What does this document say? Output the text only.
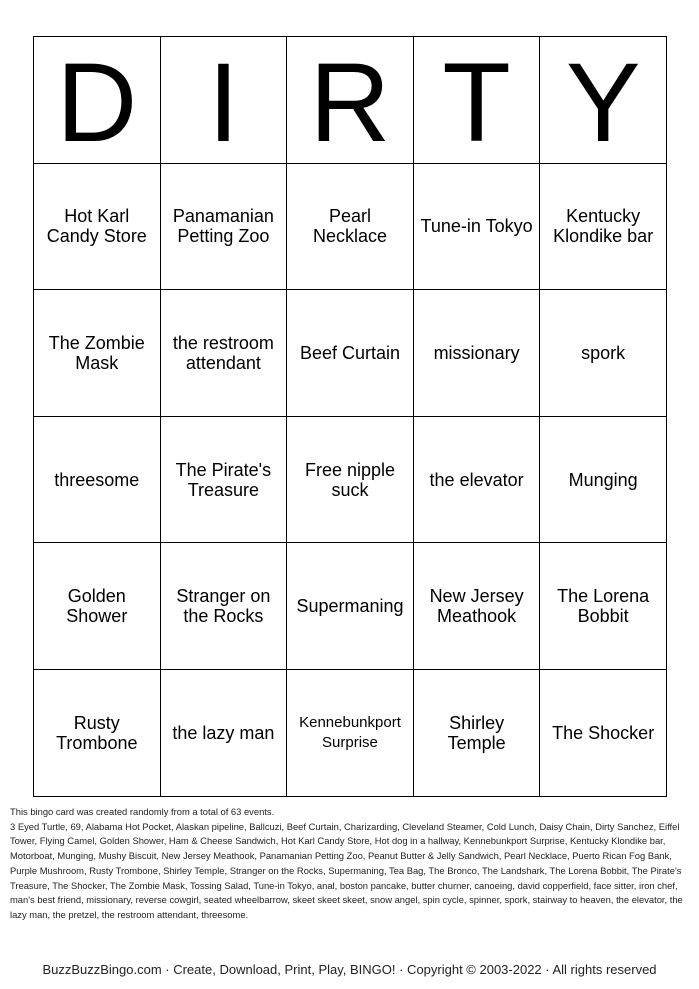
D	I	R	T	Y
Hot Karl Candy Store	Panamanian Petting Zoo	Pearl Necklace	Tune-in Tokyo	Kentucky Klondike bar
The Zombie Mask	the restroom attendant	Beef Curtain	missionary	spork
threesome	The Pirate's Treasure	Free nipple suck	the elevator	Munging
Golden Shower	Stranger on the Rocks	Supermaning	New Jersey Meathook	The Lorena Bobbit
Rusty Trombone	the lazy man	Kennebunkport Surprise	Shirley Temple	The Shocker
This bingo card was created randomly from a total of 63 events.
3 Eyed Turtle, 69, Alabama Hot Pocket, Alaskan pipeline, Ballcuzi, Beef Curtain, Charizarding, Cleveland Steamer, Cold Lunch, Daisy Chain, Dirty Sanchez, Eiffel Tower, Flying Camel, Golden Shower, Ham & Cheese Sandwich, Hot Karl Candy Store, Hot dog in a hallway, Kennebunkport Surprise, Kentucky Klondike bar, Motorboat, Munging, Mushy Biscuit, New Jersey Meathook, Panamanian Petting Zoo, Peanut Butter & Jelly Sandwich, Pearl Necklace, Puerto Rican Fog Bank, Purple Mushroom, Rusty Trombone, Shirley Temple, Stranger on the Rocks, Supermaning, Tea Bag, The Bronco, The Landshark, The Lorena Bobbit, The Pirate's Treasure, The Shocker, The Zombie Mask, Tossing Salad, Tune-in Tokyo, anal, boston pancake, butter churner, canoeing, david copperfield, face sitter, iron chef, man's best friend, missionary, reverse cowgirl, seated wheelbarrow, skeet skeet skeet, snow angel, spin cycle, spinner, spork, stairway to heaven, the elevator, the lazy man, the pretzel, the restroom attendant, threesome.
BuzzBuzzBingo.com · Create, Download, Print, Play, BINGO! · Copyright © 2003-2022 · All rights reserved
